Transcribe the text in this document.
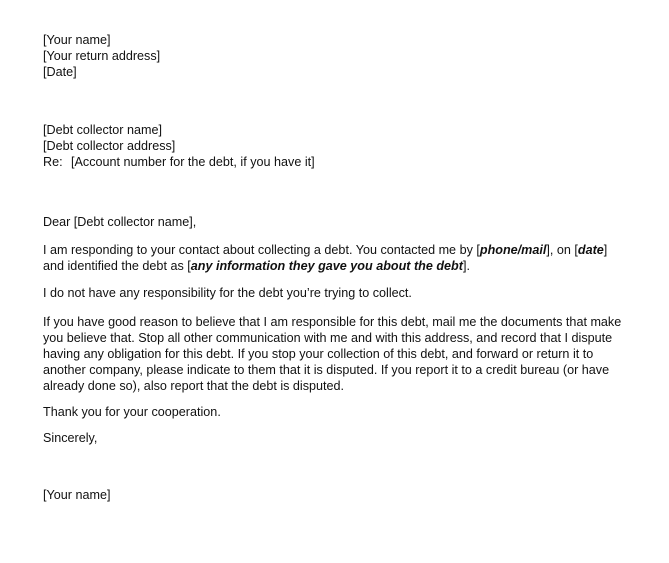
[Your name]
[Your return address]
[Date]
[Debt collector name]
[Debt collector address]
Re: [Account number for the debt, if you have it]
Dear [Debt collector name],
I am responding to your contact about collecting a debt. You contacted me by [phone/mail], on [date]
and identified the debt as [any information they gave you about the debt].
I do not have any responsibility for the debt you’re trying to collect.
If you have good reason to believe that I am responsible for this debt, mail me the documents that make
you believe that. Stop all other communication with me and with this address, and record that I dispute
having any obligation for this debt. If you stop your collection of this debt, and forward or return it to
another company, please indicate to them that it is disputed. If you report it to a credit bureau (or have
already done so), also report that the debt is disputed.
Thank you for your cooperation.
Sincerely,
[Your name]
